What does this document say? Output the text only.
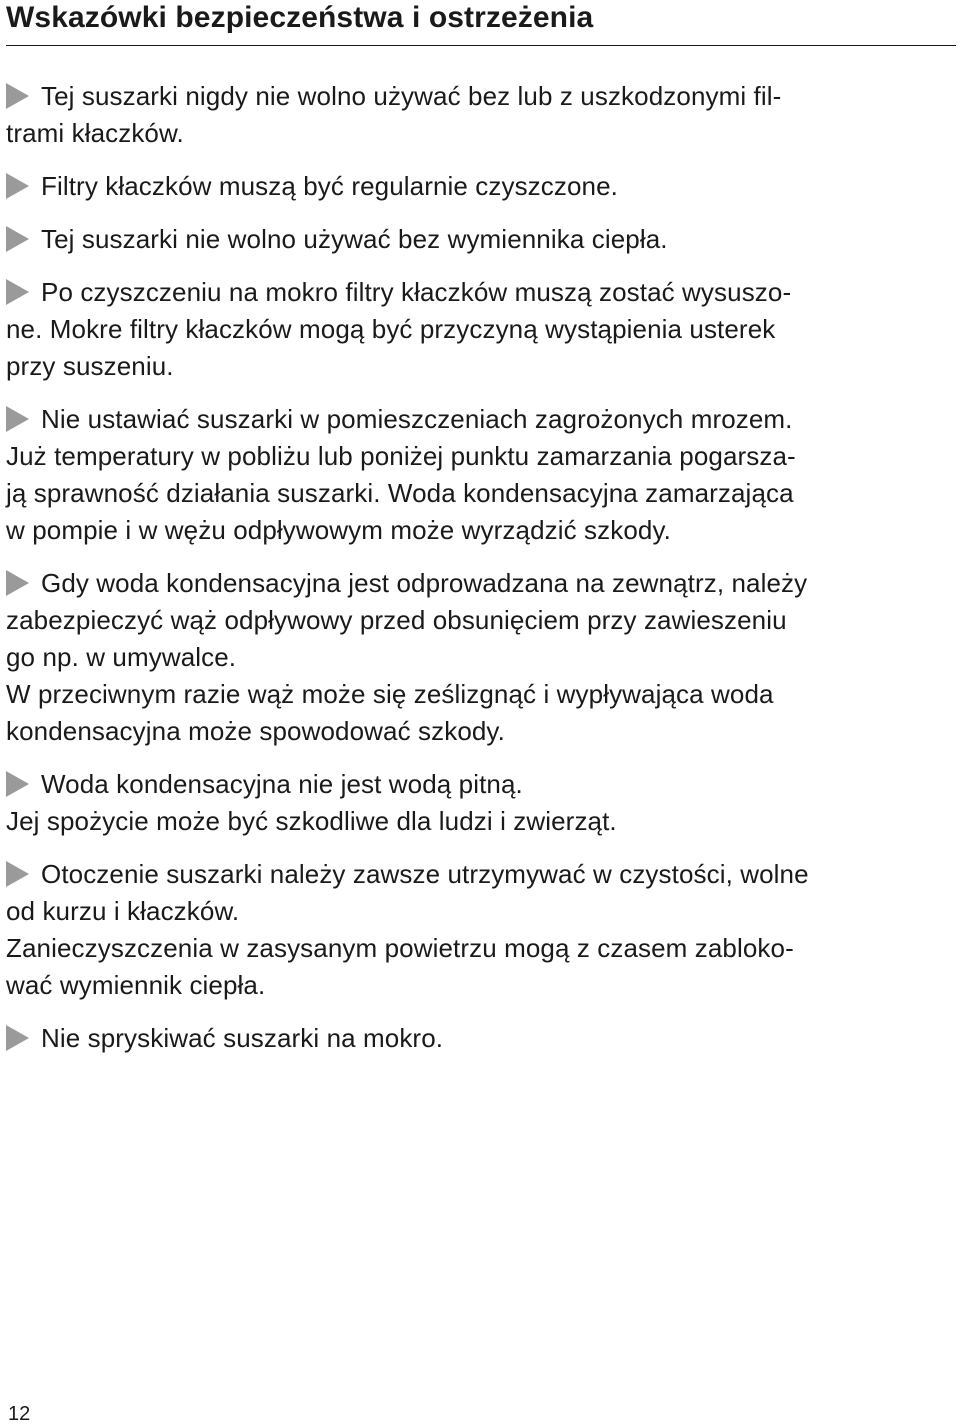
Wskazówki bezpieczeństwa i ostrzeżenia
Tej suszarki nigdy nie wolno używać bez lub z uszkodzonymi fil-
trami kłaczków.
Filtry kłaczków muszą być regularnie czyszczone.
Tej suszarki nie wolno używać bez wymiennika ciepła.
Po czyszczeniu na mokro filtry kłaczków muszą zostać wysuszo-
ne. Mokre filtry kłaczków mogą być przyczyną wystąpienia usterek
przy suszeniu.
Nie ustawiać suszarki w pomieszczeniach zagrożonych mrozem.
Już temperatury w pobliżu lub poniżej punktu zamarzania pogarsza-
ją sprawność działania suszarki. Woda kondensacyjna zamarzająca
w pompie i w wężu odpływowym może wyrządzić szkody.
Gdy woda kondensacyjna jest odprowadzana na zewnątrz, należy
zabezpieczyć wąż odpływowy przed obsunięciem przy zawieszeniu
go np. w umywalce.
W przeciwnym razie wąż może się ześlizgnąć i wypływająca woda
kondensacyjna może spowodować szkody.
Woda kondensacyjna nie jest wodą pitną.
Jej spożycie może być szkodliwe dla ludzi i zwierząt.
Otoczenie suszarki należy zawsze utrzymywać w czystości, wolne
od kurzu i kłaczków.
Zanieczyszczenia w zasysanym powietrzu mogą z czasem zabloko-
wać wymiennik ciepła.
Nie spryskiwać suszarki na mokro.
12
